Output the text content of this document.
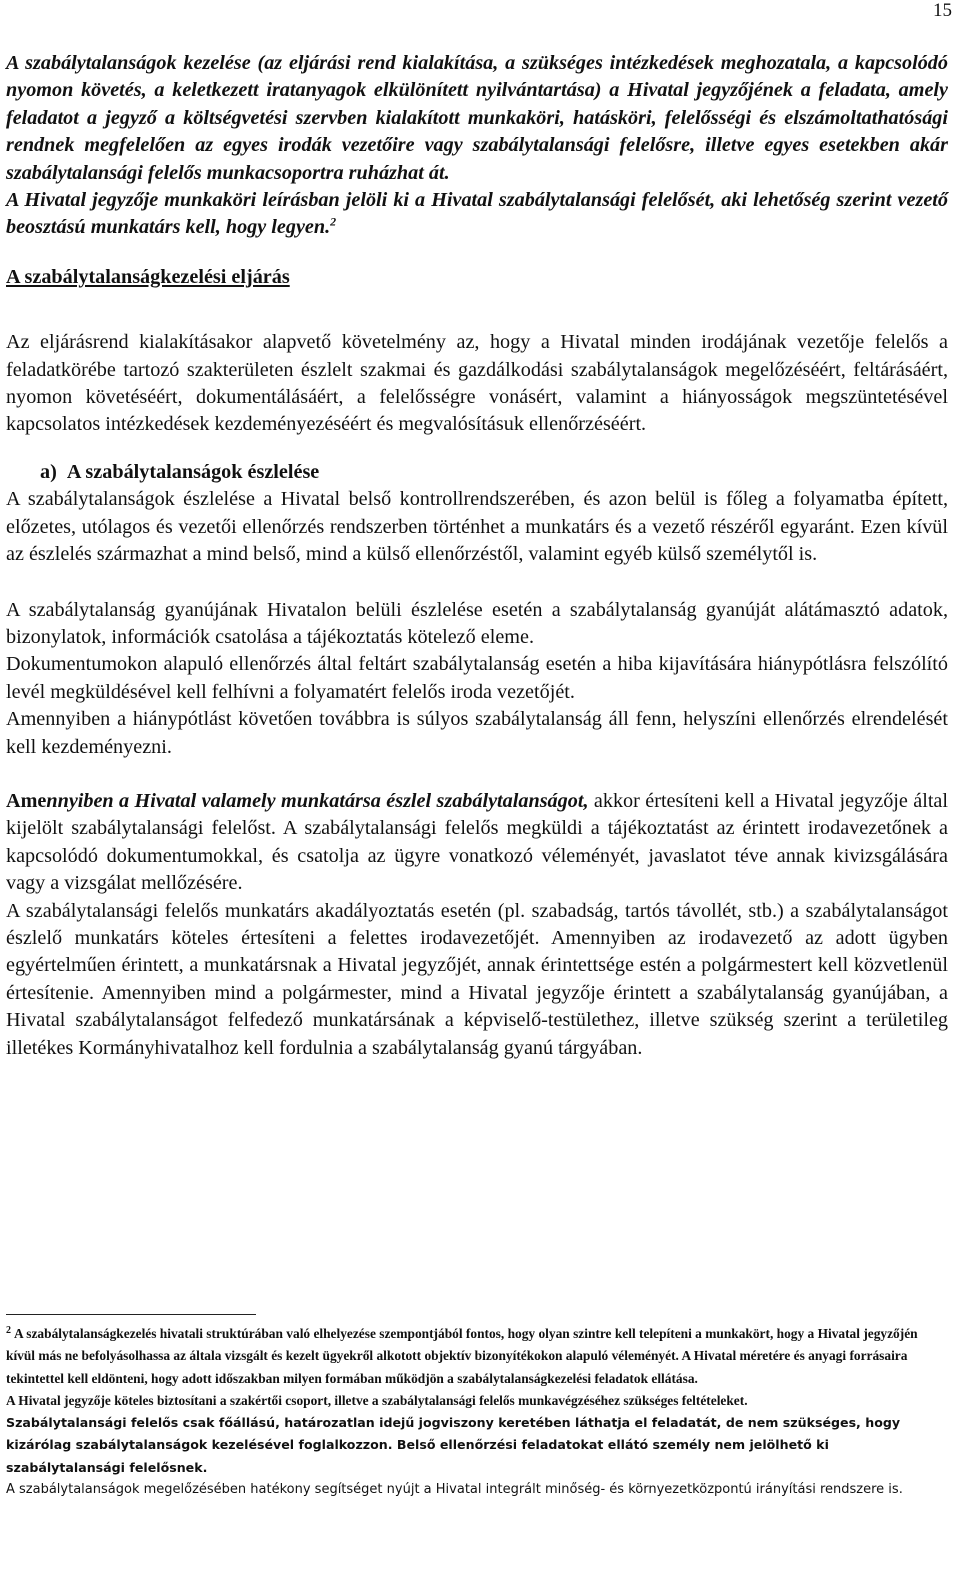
15

A szabálytalanságok kezelése (az eljárási rend kialakítása, a szükséges intézkedések meghozatala, a kapcsolódó nyomon követés, a keletkezett iratanyagok elkülönített nyilvántartása) a Hivatal jegyzőjének a feladata, amely feladatot a jegyző a költségvetési szervben kialakított munkaköri, hatásköri, felelősségi és elszámoltathatósági rendnek megfelelően az egyes irodák vezetőire vagy szabálytalansági felelősre, illetve egyes esetekben akár szabálytalansági felelős munkacsoportra ruházhat át.

A Hivatal jegyzője munkaköri leírásban jelöli ki a Hivatal szabálytalansági felelősét, aki lehetőség szerint vezető beosztású munkatárs kell, hogy legyen.$^2$

A szabálytalanságkezelési eljárás

Az eljárásrend kialakításakor alapvető követelmény az, hogy a Hivatal minden irodájának vezetője felelős a feladatkörébe tartozó szakterületen észlelt szakmai és gazdálkodási szabálytalanságok megelőzéséért, feltárásáért, nyomon követéséért, dokumentálásáért, a felelősségre vonásért, valamint a hiányosságok megszüntetésével kapcsolatos intézkedések kezdeményezéséért és megvalósításuk ellenőrzéséért.

a) A szabálytalanságok észlelése

A szabálytalanságok észlelése a Hivatal belső kontrollrendszerében, és azon belül is főleg a folyamatba épített, előzetes, utólagos és vezetői ellenőrzés rendszerben történhet a munkatárs és a vezető részéről egyaránt. Ezen kívül az észlelés származhat a mind belső, mind a külső ellenőrzéstől, valamint egyéb külső személytől is.

A szabálytalanság gyanújának Hivatalon belüli észlelése esetén a szabálytalanság gyanúját alátámasztó adatok, bizonylatok, információk csatolása a tájékoztatás kötelező eleme.

Dokumentumokon alapuló ellenőrzés által feltárt szabálytalanság esetén a hiba kijavítására hiánypótlásra felszólító levél megküldésével kell felhívni a folyamatért felelős iroda vezetőjét.

Amennyiben a hiánypótlást követően továbbra is súlyos szabálytalanság áll fenn, helyszíni ellenőrzés elrendelését kell kezdeményezni.

Amennyiben a Hivatal valamely munkatársa észlel szabálytalanságot, akkor értesíteni kell a Hivatal jegyzője által kijelölt szabálytalansági felelőst. A szabálytalansági felelős megküldi a tájékoztatást az érintett irodavezetőnek a kapcsolódó dokumentumokkal, és csatolja az ügyre vonatkozó véleményét, javaslatot téve annak kivizsgálására vagy a vizsgálat mellőzésére.

A szabálytalansági felelős munkatárs akadályoztatás esetén (pl. szabadság, tartós távollét, stb.) a szabálytalanságot észlelő munkatárs köteles értesíteni a felettes irodavezetőjét. Amennyiben az irodavezető az adott ügyben egyértelműen érintett, a munkatársnak a Hivatal jegyzőjét, annak érintettsége estén a polgármestert kell közvetlenül értesítenie. Amennyiben mind a polgármester, mind a Hivatal jegyzője érintett a szabálytalanság gyanújában, a Hivatal szabálytalanságot felfedező munkatársának a képviselő-testülethez, illetve szükség szerint a területileg illetékes Kormányhivatalhoz kell fordulnia a szabálytalanság gyanú tárgyában.

$^2$ A szabálytalanságkezelés hivatali struktúrában való elhelyezése szempontjából fontos, hogy olyan szintre kell telepíteni a munkakört, hogy a Hivatal jegyzőjén kívül más ne befolyásolhassa az általa vizsgált és kezelt ügyekről alkotott objektív bizonyítékokon alapuló véleményét. A Hivatal méretére és anyagi forrásaira tekintettel kell eldönteni, hogy adott időszakban milyen formában működjön a szabálytalanságkezelési feladatok ellátása.

A Hivatal jegyzője köteles biztosítani a szakértői csoport, illetve a szabálytalansági felelős munkavégzéséhez szükséges feltételeket.

Szabálytalansági felelős csak főállású, határozatlan idejű jogviszony keretében láthatja el feladatát, de nem szükséges, hogy kizárólag szabálytalanságok kezelésével foglalkozzon. Belső ellenőrzési feladatokat ellátó személy nem jelölhető ki szabálytalansági felelősnek.

A szabálytalanságok megelőzésében hatékony segítséget nyújt a Hivatal integrált minőség- és környezetközpontú irányítási rendszere is.
